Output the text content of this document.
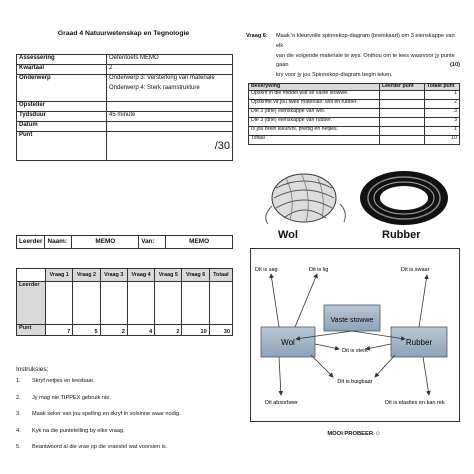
Graad 4 Natuurwetenskap en Tegnologie
Assessering	Oefentoets MEMO
Kwartaal	2
Onderwerp	Onderwerp 3: Versterking van materiale
Onderwerp 4: Sterk raamstrukture

Opsteller	
Tydsduur	45 minute
Datum	
Punt	/30
Leerder	Naam:	MEMO	Van:	MEMO
	Vraag 1	Vraag 2	Vraag 3	Vraag 4	Vraag 5	Vraag 6	Totaal
Leerder							
Punt	7	5	2	4	2	10	30
Instruksies:
1.	Skryf netjies en leesbaar.
2.	Jy mag nie TIPPEX gebruik nie.
3.	Maak seker van jou spelling en skryf in volsinne waar nodig.
4.	Kyk na die puntetelling by elke vraag.
5.	Beantwoord al die vrae op die vraestel wat voorsien is.
Vraag 6: Maak 'n kleurvolle spinnekop-diagram (breinkaart) om 3 eienskappe van elk
van die volgende materiale te wys. Onthou om te lees waarvoor jy punte gaan
kry voor jy jou Spinnekop-diagram begin teken.
(10)
Beskrywing	Leerder punt	Totale punt
Opskrif in die middel wat sê vaste stowwe.		1
Opskrifte vir jou twee materiale: wol en rubber.		2
Die 3 (drie) eienskappe van wol.		3
Die 3 (drie) eienskappe van rubber.		3
Is jou brein kleurvol, prettig en netjies.		1
Totaal		10
Wol	Rubber
Vaste stowwe
Wol	Rubber
Dit is sag	Dit is lig	Dit is swaar
Dit is sterk
Dit is buigbaar
Dit absorbeer	Dit is elasties en kan rek
MOOI PROBEER ☺
